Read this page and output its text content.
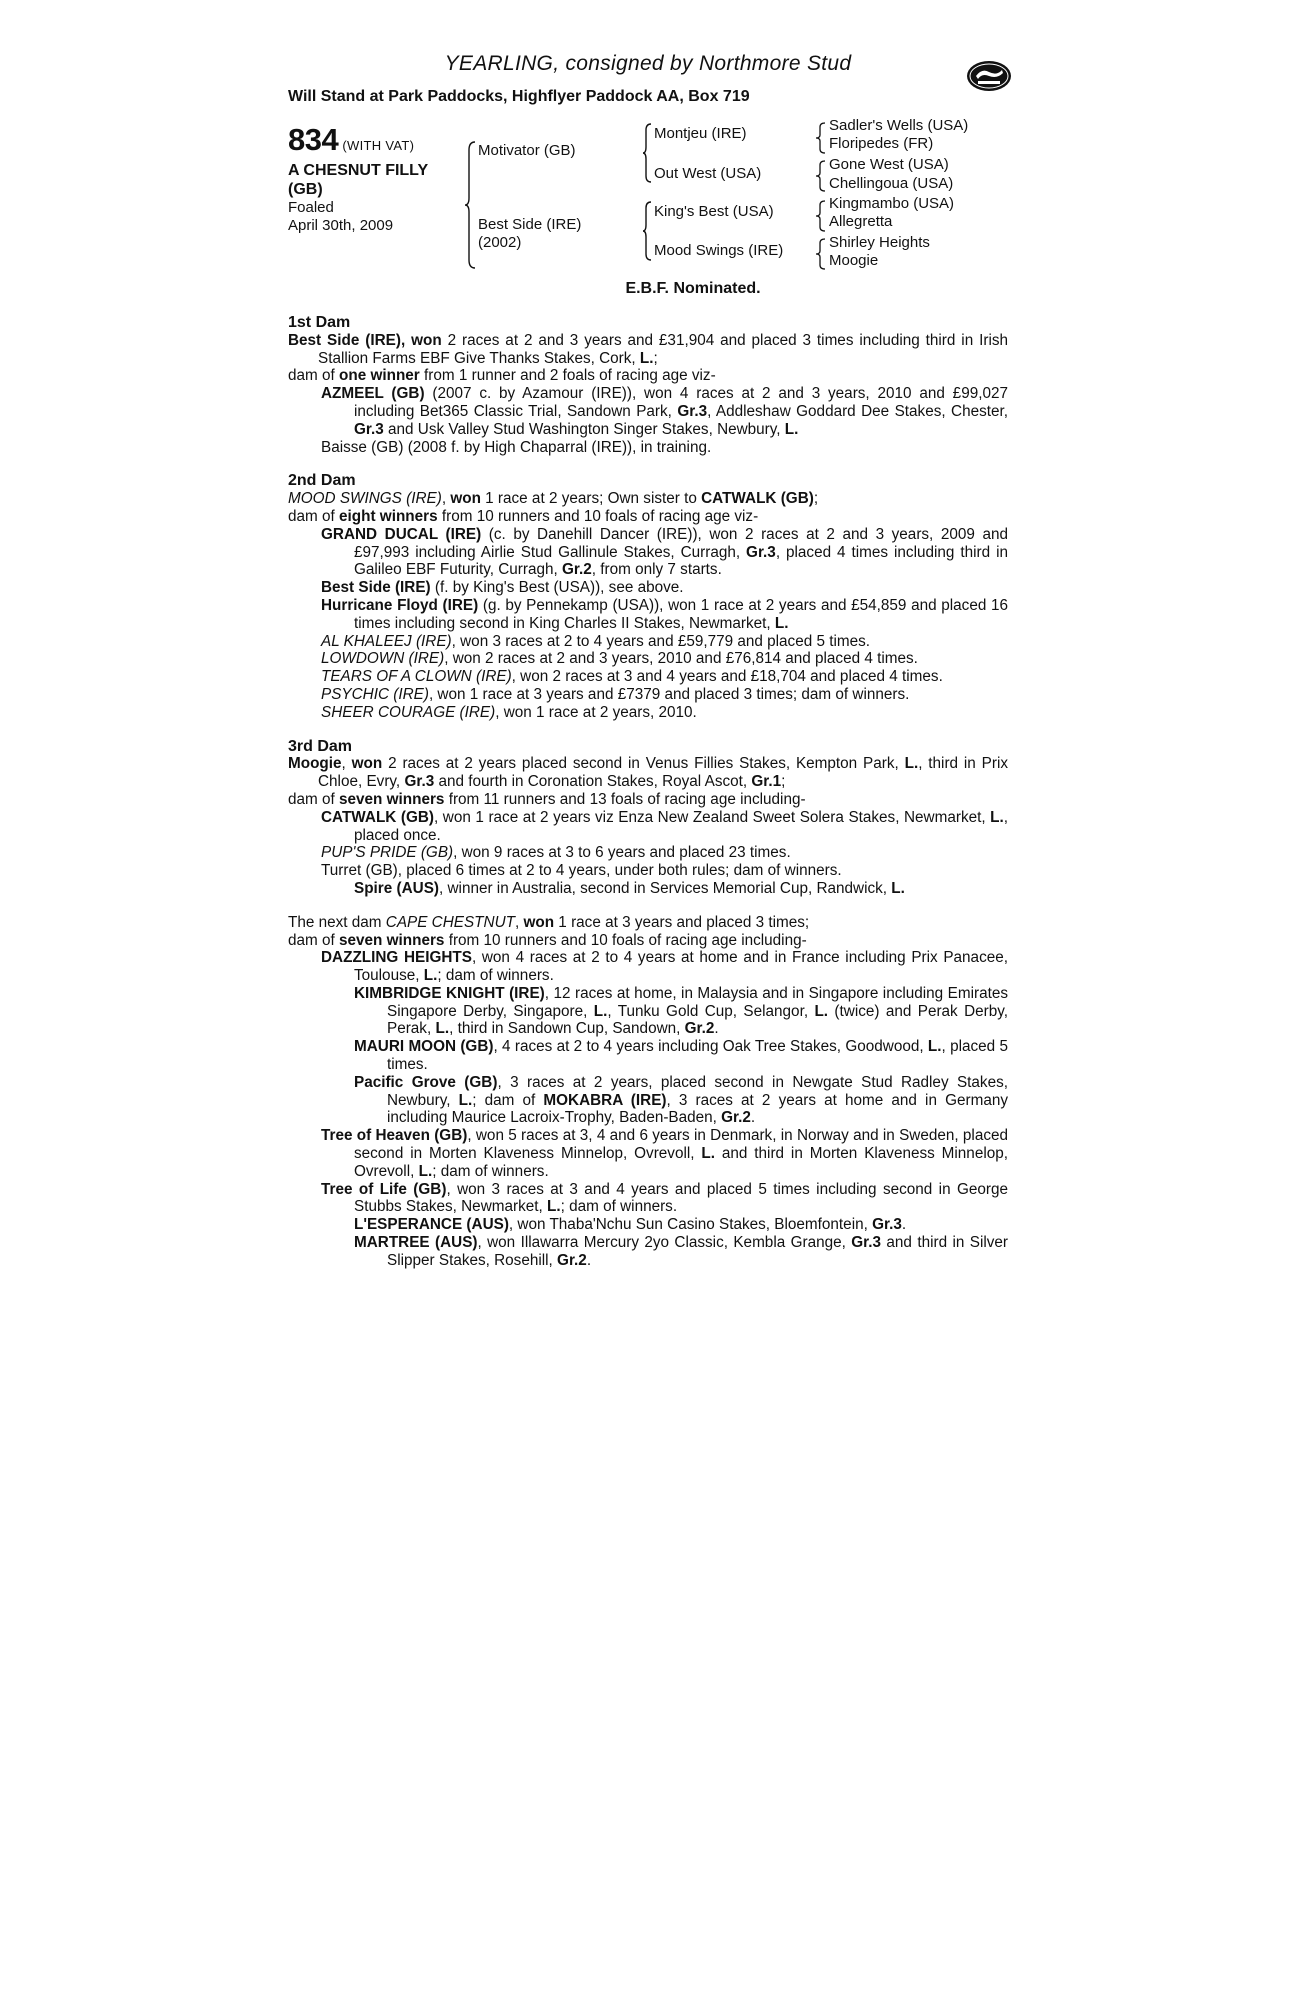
YEARLING, consigned by Northmore Stud
Will Stand at Park Paddocks, Highflyer Paddock AA, Box 719
834 (WITH VAT)
A CHESNUT FILLY
(GB)
Foaled
April 30th, 2009
Motivator (GB)
Best Side (IRE)
(2002)
Montjeu (IRE)
Out West (USA)
King's Best (USA)
Mood Swings (IRE)
Sadler's Wells (USA)
Floripedes (FR)
Gone West (USA)
Chellingoua (USA)
Kingmambo (USA)
Allegretta
Shirley Heights
Moogie
E.B.F. Nominated.
1st Dam

Best Side (IRE), won 2 races at 2 and 3 years and £31,904 and placed 3 times including third in Irish Stallion Farms EBF Give Thanks Stakes, Cork, L.;

dam of one winner from 1 runner and 2 foals of racing age viz-

AZMEEL (GB) (2007 c. by Azamour (IRE)), won 4 races at 2 and 3 years, 2010 and £99,027 including Bet365 Classic Trial, Sandown Park, Gr.3, Addleshaw Goddard Dee Stakes, Chester, Gr.3 and Usk Valley Stud Washington Singer Stakes, Newbury, L.

Baisse (GB) (2008 f. by High Chaparral (IRE)), in training.

2nd Dam

MOOD SWINGS (IRE), won 1 race at 2 years; Own sister to CATWALK (GB);

dam of eight winners from 10 runners and 10 foals of racing age viz-

GRAND DUCAL (IRE) (c. by Danehill Dancer (IRE)), won 2 races at 2 and 3 years, 2009 and £97,993 including Airlie Stud Gallinule Stakes, Curragh, Gr.3, placed 4 times including third in Galileo EBF Futurity, Curragh, Gr.2, from only 7 starts.

Best Side (IRE) (f. by King's Best (USA)), see above.

Hurricane Floyd (IRE) (g. by Pennekamp (USA)), won 1 race at 2 years and £54,859 and placed 16 times including second in King Charles II Stakes, Newmarket, L.

AL KHALEEJ (IRE), won 3 races at 2 to 4 years and £59,779 and placed 5 times.

LOWDOWN (IRE), won 2 races at 2 and 3 years, 2010 and £76,814 and placed 4 times.

TEARS OF A CLOWN (IRE), won 2 races at 3 and 4 years and £18,704 and placed 4 times.

PSYCHIC (IRE), won 1 race at 3 years and £7379 and placed 3 times; dam of winners.

SHEER COURAGE (IRE), won 1 race at 2 years, 2010.

3rd Dam

Moogie, won 2 races at 2 years placed second in Venus Fillies Stakes, Kempton Park, L., third in Prix Chloe, Evry, Gr.3 and fourth in Coronation Stakes, Royal Ascot, Gr.1;

dam of seven winners from 11 runners and 13 foals of racing age including-

CATWALK (GB), won 1 race at 2 years viz Enza New Zealand Sweet Solera Stakes, Newmarket, L., placed once.

PUP'S PRIDE (GB), won 9 races at 3 to 6 years and placed 23 times.

Turret (GB), placed 6 times at 2 to 4 years, under both rules; dam of winners.

Spire (AUS), winner in Australia, second in Services Memorial Cup, Randwick, L.

The next dam CAPE CHESTNUT, won 1 race at 3 years and placed 3 times;

dam of seven winners from 10 runners and 10 foals of racing age including-

DAZZLING HEIGHTS, won 4 races at 2 to 4 years at home and in France including Prix Panacee, Toulouse, L.; dam of winners.

KIMBRIDGE KNIGHT (IRE), 12 races at home, in Malaysia and in Singapore including Emirates Singapore Derby, Singapore, L., Tunku Gold Cup, Selangor, L. (twice) and Perak Derby, Perak, L., third in Sandown Cup, Sandown, Gr.2.

MAURI MOON (GB), 4 races at 2 to 4 years including Oak Tree Stakes, Goodwood, L., placed 5 times.

Pacific Grove (GB), 3 races at 2 years, placed second in Newgate Stud Radley Stakes, Newbury, L.; dam of MOKABRA (IRE), 3 races at 2 years at home and in Germany including Maurice Lacroix-Trophy, Baden-Baden, Gr.2.

Tree of Heaven (GB), won 5 races at 3, 4 and 6 years in Denmark, in Norway and in Sweden, placed second in Morten Klaveness Minnelop, Ovrevoll, L. and third in Morten Klaveness Minnelop, Ovrevoll, L.; dam of winners.

Tree of Life (GB), won 3 races at 3 and 4 years and placed 5 times including second in George Stubbs Stakes, Newmarket, L.; dam of winners.

L'ESPERANCE (AUS), won Thaba'Nchu Sun Casino Stakes, Bloemfontein, Gr.3.

MARTREE (AUS), won Illawarra Mercury 2yo Classic, Kembla Grange, Gr.3 and third in Silver Slipper Stakes, Rosehill, Gr.2.
